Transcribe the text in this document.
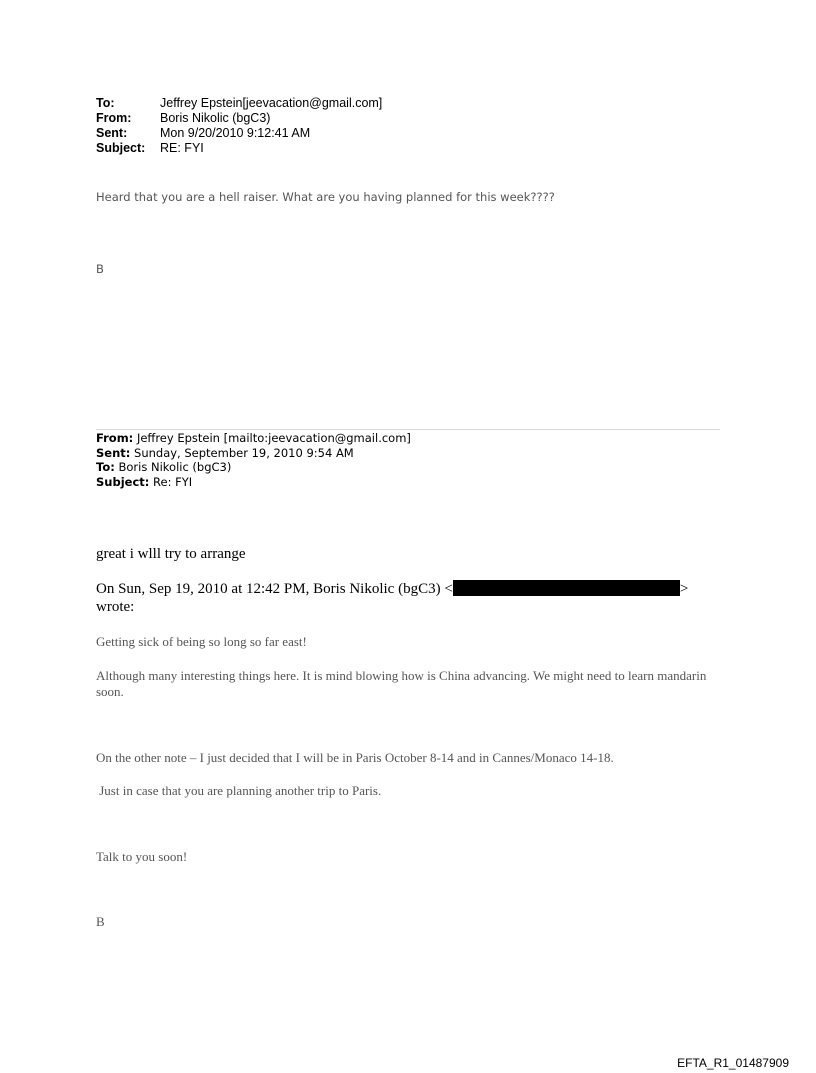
To:	Jeffrey Epstein[jeevacation@gmail.com]
From:	Boris Nikolic (bgC3)
Sent:	Mon 9/20/2010 9:12:41 AM
Subject:	RE: FYI
Heard that you are a hell raiser. What are you having planned for this week????
B
From: Jeffrey Epstein [mailto:jeevacation@gmail.com]
Sent: Sunday, September 19, 2010 9:54 AM
To: Boris Nikolic (bgC3)
Subject: Re: FYI
great i wlll try to arrange
On Sun, Sep 19, 2010 at 12:42 PM, Boris Nikolic (bgC3) <	>
wrote:
Getting sick of being so long so far east!
Although many interesting things here. It is mind blowing how is China advancing. We might need to learn mandarin soon.
On the other note – I just decided that I will be in Paris October 8-14 and in Cannes/Monaco 14-18.
Just in case that you are planning another trip to Paris.
Talk to you soon!
B
EFTA_R1_01487909
